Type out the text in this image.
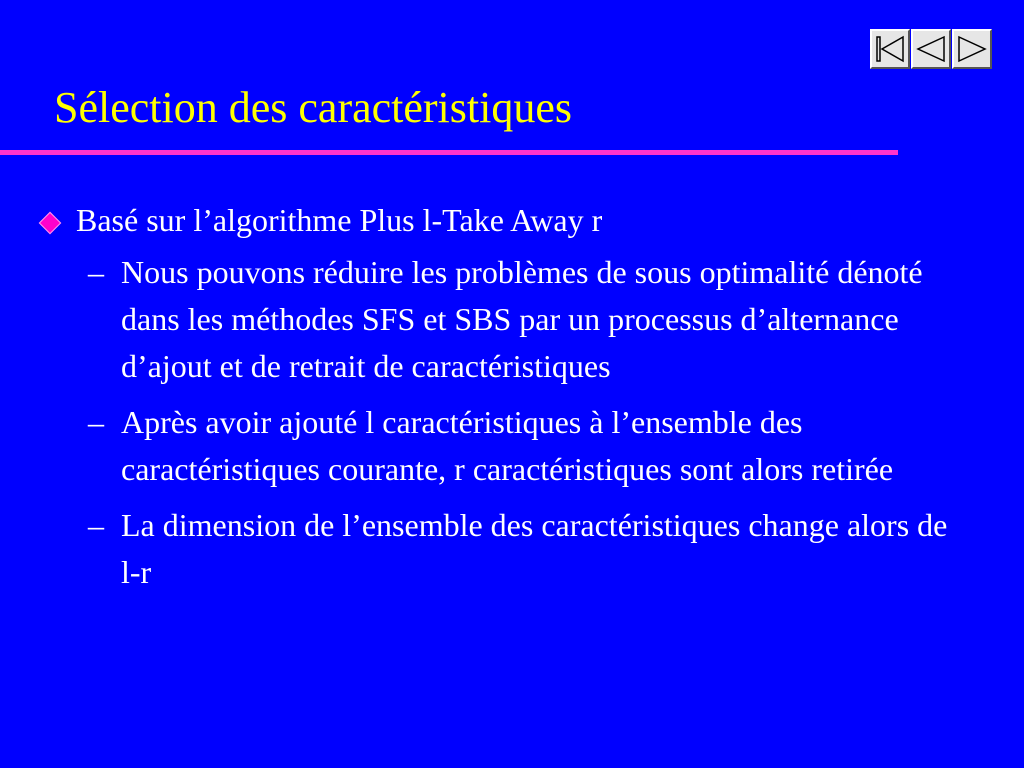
Sélection des caractéristiques
Basé sur l’algorithme Plus l-Take Away r
– Nous pouvons réduire les problèmes de sous optimalité dénoté dans les méthodes SFS et SBS par un processus d’alternance d’ajout et de retrait de caractéristiques
– Après avoir ajouté l caractéristiques à l’ensemble des caractéristiques courante, r caractéristiques sont alors retirée
– La dimension de l’ensemble des caractéristiques change alors de l-r
